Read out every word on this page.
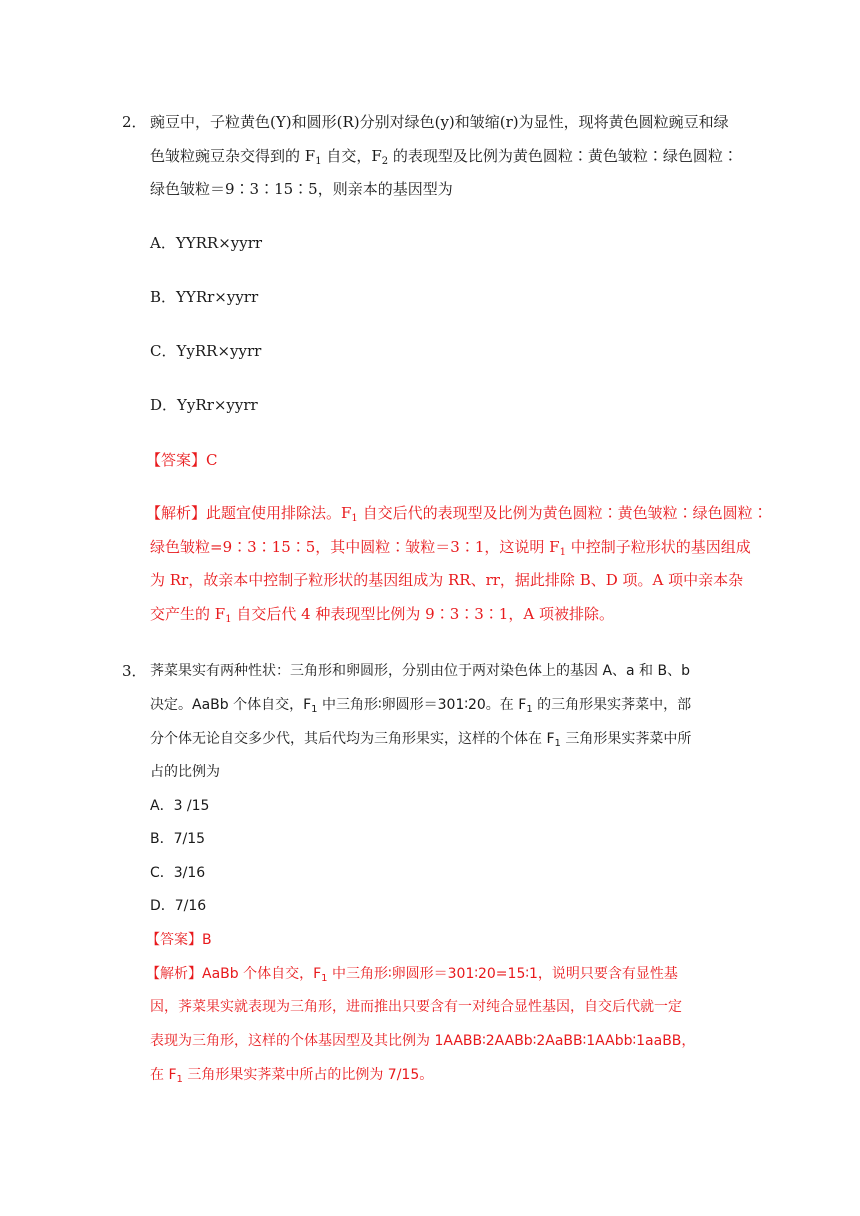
2． 豌豆中，子粒黄色(Y)和圆形(R)分别对绿色(y)和皱缩(r)为显性，现将黄色圆粒豌豆和绿
色皱粒豌豆杂交得到的 $F_1$ 自交，$F_2$ 的表现型及比例为黄色圆粒∶黄色皱粒∶绿色圆粒∶
绿色皱粒＝9∶3∶15∶5，则亲本的基因型为
A．YYRR×yyrr
B．YYRr×yyrr
C．YyRR×yyrr
D．YyRr×yyrr
【答案】C
【解析】此题宜使用排除法。$F_1$ 自交后代的表现型及比例为黄色圆粒∶黄色皱粒∶绿色圆粒∶
绿色皱粒=9∶3∶15∶5，其中圆粒∶皱粒＝3∶1，这说明 $F_1$ 中控制子粒形状的基因组成
为 Rr，故亲本中控制子粒形状的基因组成为 RR、rr，据此排除 B、D 项。A 项中亲本杂
交产生的 $F_1$ 自交后代 4 种表现型比例为 9∶3∶3∶1，A 项被排除。
3． 荠菜果实有两种性状：三角形和卵圆形，分别由位于两对染色体上的基因 A、a 和 B、b
决定。AaBb 个体自交，$F_1$ 中三角形∶卵圆形＝301∶20。在 $F_1$ 的三角形果实荠菜中，部
分个体无论自交多少代，其后代均为三角形果实，这样的个体在 $F_1$ 三角形果实荠菜中所
占的比例为
A．3 /15
B．7/15
C．3/16
D．7/16
【答案】B
【解析】AaBb 个体自交，$F_1$ 中三角形∶卵圆形＝301∶20=15∶1，说明只要含有显性基
因，荠菜果实就表现为三角形，进而推出只要含有一对纯合显性基因，自交后代就一定
表现为三角形，这样的个体基因型及其比例为 1AABB∶2AABb∶2AaBB∶1AAbb∶1aaBB，
在 $F_1$ 三角形果实荠菜中所占的比例为 7/15。
